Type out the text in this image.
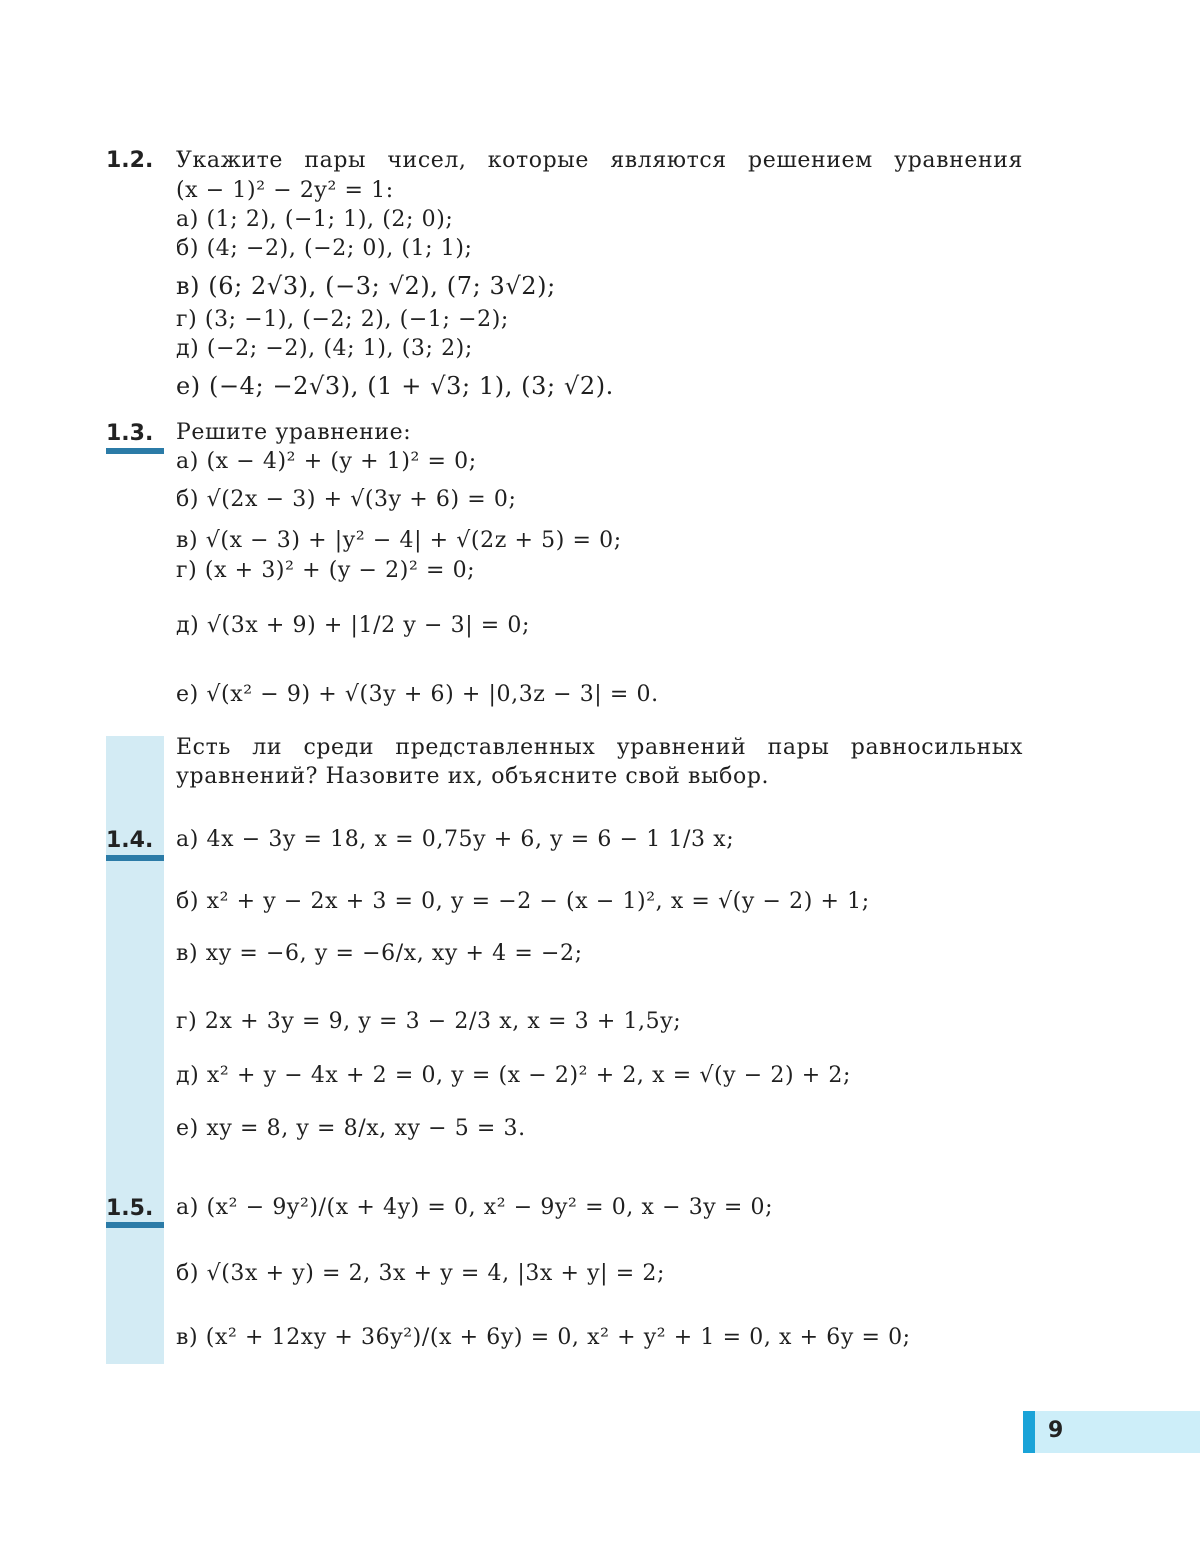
1.2. Укажите пары чисел, которые являются решением уравнения
(x − 1)² − 2y² = 1:
а) (1; 2), (−1; 1), (2; 0);
б) (4; −2), (−2; 0), (1; 1);
в) (6; 2√3), (−3; √2), (7; 3√2);
г) (3; −1), (−2; 2), (−1; −2);
д) (−2; −2), (4; 1), (3; 2);
е) (−4; −2√3), (1 + √3; 1), (3; √2).
1.3. Решите уравнение:
а) (x − 4)² + (y + 1)² = 0;
б) √(2x − 3) + √(3y + 6) = 0;
в) √(x − 3) + |y² − 4| + √(2z + 5) = 0;
г) (x + 3)² + (y − 2)² = 0;
д) √(3x + 9) + |1/2 y − 3| = 0;
е) √(x² − 9) + √(3y + 6) + |0,3z − 3| = 0.
Есть ли среди представленных уравнений пары равносильных
уравнений? Назовите их, объясните свой выбор.
1.4. а) 4x − 3y = 18, x = 0,75y + 6, y = 6 − 1 1/3 x;
б) x² + y − 2x + 3 = 0, y = −2 − (x − 1)², x = √(y − 2) + 1;
в) xy = −6, y = −6/x, xy + 4 = −2;
г) 2x + 3y = 9, y = 3 − 2/3 x, x = 3 + 1,5y;
д) x² + y − 4x + 2 = 0, y = (x − 2)² + 2, x = √(y − 2) + 2;
е) xy = 8, y = 8/x, xy − 5 = 3.
1.5. а) (x² − 9y²)/(x + 4y) = 0, x² − 9y² = 0, x − 3y = 0;
б) √(3x + y) = 2, 3x + y = 4, |3x + y| = 2;
в) (x² + 12xy + 36y²)/(x + 6y) = 0, x² + y² + 1 = 0, x + 6y = 0;
9
